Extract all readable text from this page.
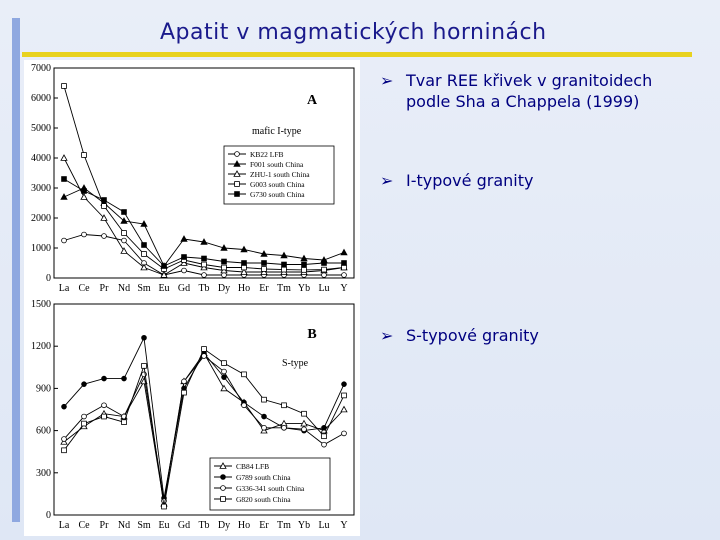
Apatit v magmatických horninách
7000
6000
5000
4000
3000
2000
1000
0
La Ce Pr Nd Sm Eu Gd Tb Dy Ho Er Tm Yb Lu Y
A
mafic I-type
KB22 LFB
F001 south China
ZHU-1 south China
G003 south China
G730 south China
1500
1200
900
600
300
0
La Ce Pr Nd Sm Eu Gd Tb Dy Ho Er Tm Yb Lu Y
B
S-type
CB84 LFB
G789 south China
G336-341 south China
G820 south China
➢ Tvar REE křivek v granitoidech
podle Sha a Chappela (1999)
➢ I-typové granity
➢ S-typové granity
